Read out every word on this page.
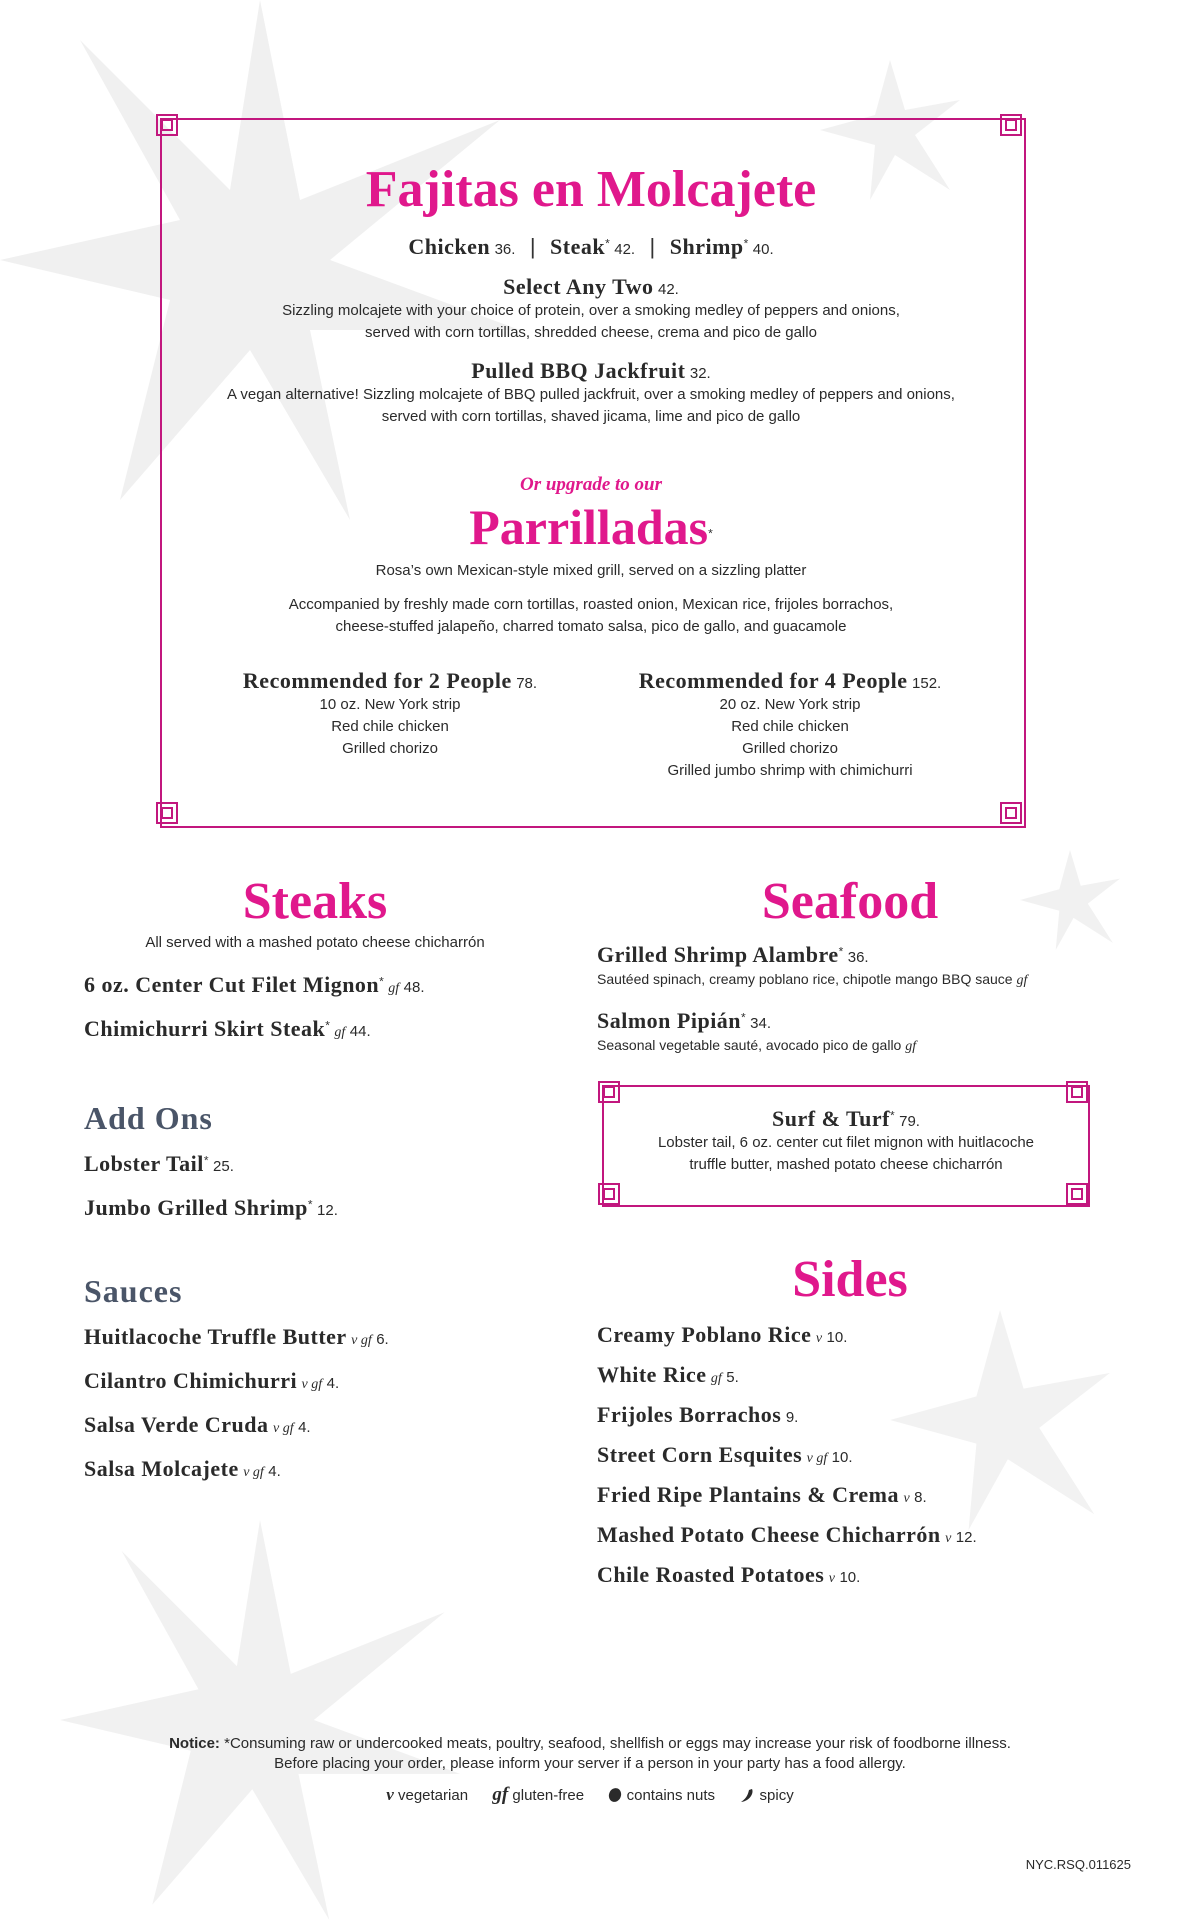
Fajitas en Molcajete
Chicken 36. | Steak* 42. | Shrimp* 40.
Select Any Two 42.
Sizzling molcajete with your choice of protein, over a smoking medley of peppers and onions,
served with corn tortillas, shredded cheese, crema and pico de gallo
Pulled BBQ Jackfruit 32.
A vegan alternative! Sizzling molcajete of BBQ pulled jackfruit, over a smoking medley of peppers and onions,
served with corn tortillas, shaved jicama, lime and pico de gallo
Or upgrade to our
Parrilladas*
Rosa’s own Mexican-style mixed grill, served on a sizzling platter
Accompanied by freshly made corn tortillas, roasted onion, Mexican rice, frijoles borrachos,
cheese-stuffed jalapeño, charred tomato salsa, pico de gallo, and guacamole
Recommended for 2 People 78.
10 oz. New York strip
Red chile chicken
Grilled chorizo
Recommended for 4 People 152.
20 oz. New York strip
Red chile chicken
Grilled chorizo
Grilled jumbo shrimp with chimichurri
Steaks
All served with a mashed potato cheese chicharrón
6 oz. Center Cut Filet Mignon* gf 48.
Chimichurri Skirt Steak* gf 44.
Add Ons
Lobster Tail* 25.
Jumbo Grilled Shrimp* 12.
Sauces
Huitlacoche Truffle Butter v gf 6.
Cilantro Chimichurri v gf 4.
Salsa Verde Cruda v gf 4.
Salsa Molcajete v gf 4.
Seafood
Grilled Shrimp Alambre* 36.
Sautéed spinach, creamy poblano rice, chipotle mango BBQ sauce gf
Salmon Pipián* 34.
Seasonal vegetable sauté, avocado pico de gallo gf
Surf & Turf* 79.
Lobster tail, 6 oz. center cut filet mignon with huitlacoche
truffle butter, mashed potato cheese chicharrón
Sides
Creamy Poblano Rice v 10.
White Rice gf 5.
Frijoles Borrachos 9.
Street Corn Esquites v gf 10.
Fried Ripe Plantains & Crema v 8.
Mashed Potato Cheese Chicharrón v 12.
Chile Roasted Potatoes v 10.
Notice: *Consuming raw or undercooked meats, poultry, seafood, shellfish or eggs may increase your risk of foodborne illness.
Before placing your order, please inform your server if a person in your party has a food allergy.
v vegetarian gf gluten-free	contains nuts	spicy
NYC.RSQ.011625
